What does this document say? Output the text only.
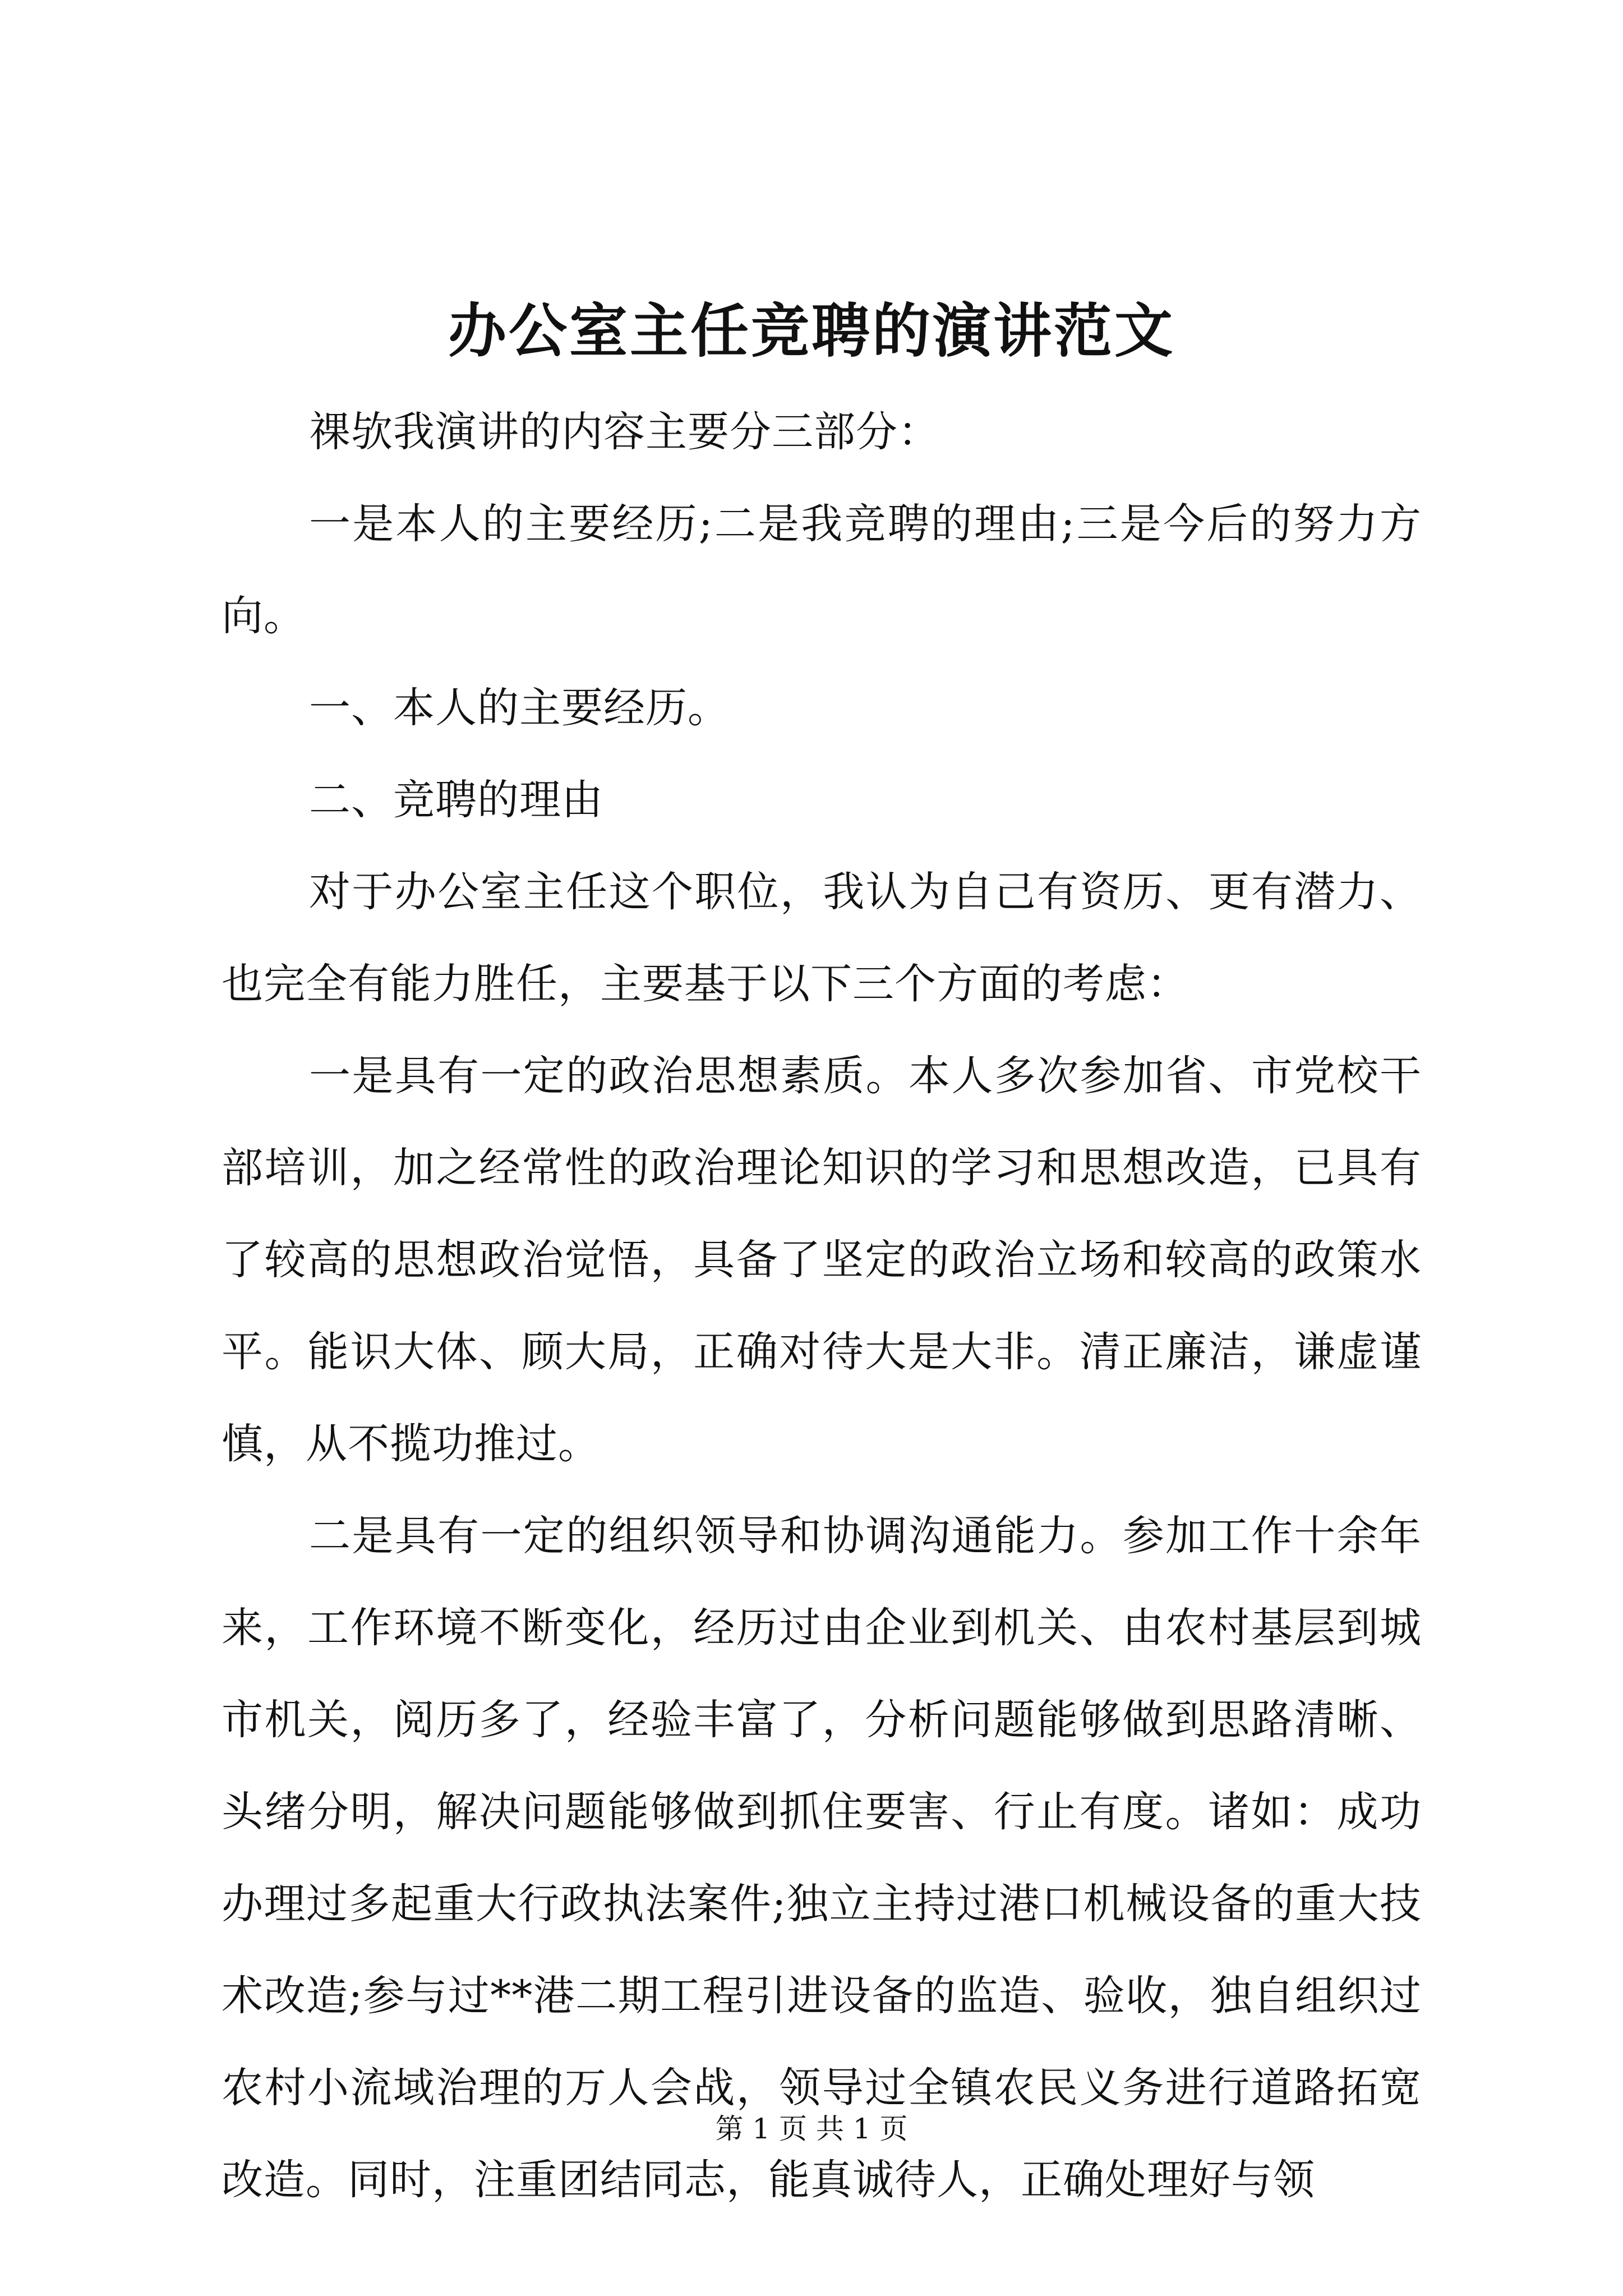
办公室主任竞聘的演讲范文

祼欤我演讲的内容主要分三部分：

一是本人的主要经历;二是我竞聘的理由;三是今后的努力方向。

一、本人的主要经历。

二、竞聘的理由

对于办公室主任这个职位，我认为自己有资历、更有潜力、也完全有能力胜任，主要基于以下三个方面的考虑：

一是具有一定的政治思想素质。本人多次参加省、市党校干部培训，加之经常性的政治理论知识的学习和思想改造，已具有了较高的思想政治觉悟，具备了坚定的政治立场和较高的政策水平。能识大体、顾大局，正确对待大是大非。清正廉洁，谦虚谨慎，从不揽功推过。

二是具有一定的组织领导和协调沟通能力。参加工作十余年来，工作环境不断变化，经历过由企业到机关、由农村基层到城市机关，阅历多了，经验丰富了，分析问题能够做到思路清晰、头绪分明，解决问题能够做到抓住要害、行止有度。诸如：成功办理过多起重大行政执法案件;独立主持过港口机械设备的重大技术改造;参与过**港二期工程引进设备的监造、验收，独自组织过农村小流域治理的万人会战，领导过全镇农民义务进行道路拓宽改造。同时，注重团结同志，能真诚待人，正确处理好与领

第 1 页 共 1 页
